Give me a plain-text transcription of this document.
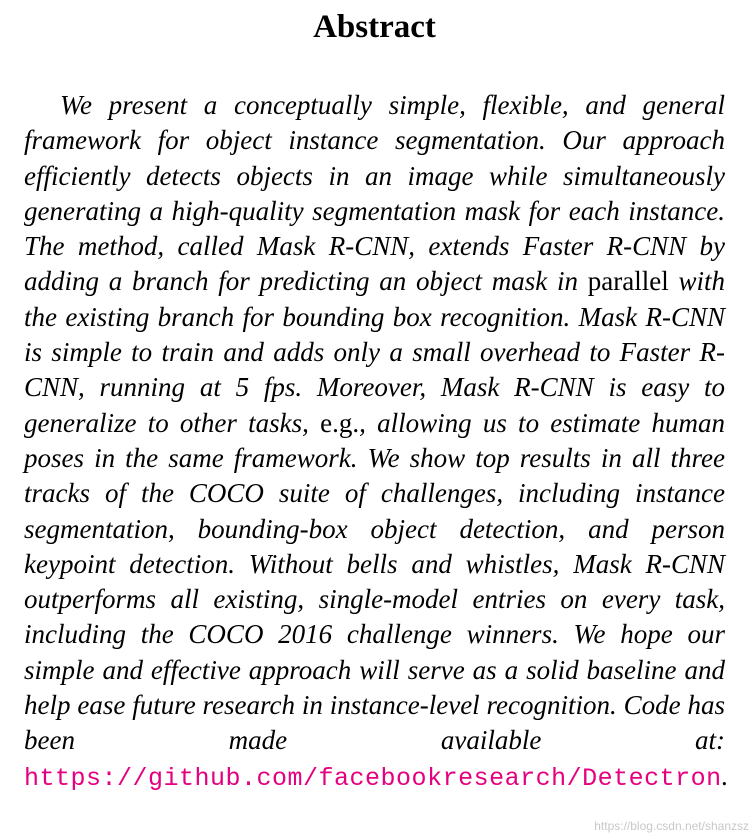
Abstract

We present a conceptually simple, flexible, and general framework for object instance segmentation. Our approach efficiently detects objects in an image while simultaneously generating a high-quality segmentation mask for each instance. The method, called Mask R-CNN, extends Faster R-CNN by adding a branch for predicting an object mask in parallel with the existing branch for bounding box recognition. Mask R-CNN is simple to train and adds only a small overhead to Faster R-CNN, running at 5 fps. Moreover, Mask R-CNN is easy to generalize to other tasks, e.g., allowing us to estimate human poses in the same framework. We show top results in all three tracks of the COCO suite of challenges, including instance segmentation, bounding-box object detection, and person keypoint detection. Without bells and whistles, Mask R-CNN outperforms all existing, single-model entries on every task, including the COCO 2016 challenge winners. We hope our simple and effective approach will serve as a solid baseline and help ease future research in instance-level recognition. Code has been made available at: https://github.com/facebookresearch/Detectron.

https://blog.csdn.net/shanzsz
